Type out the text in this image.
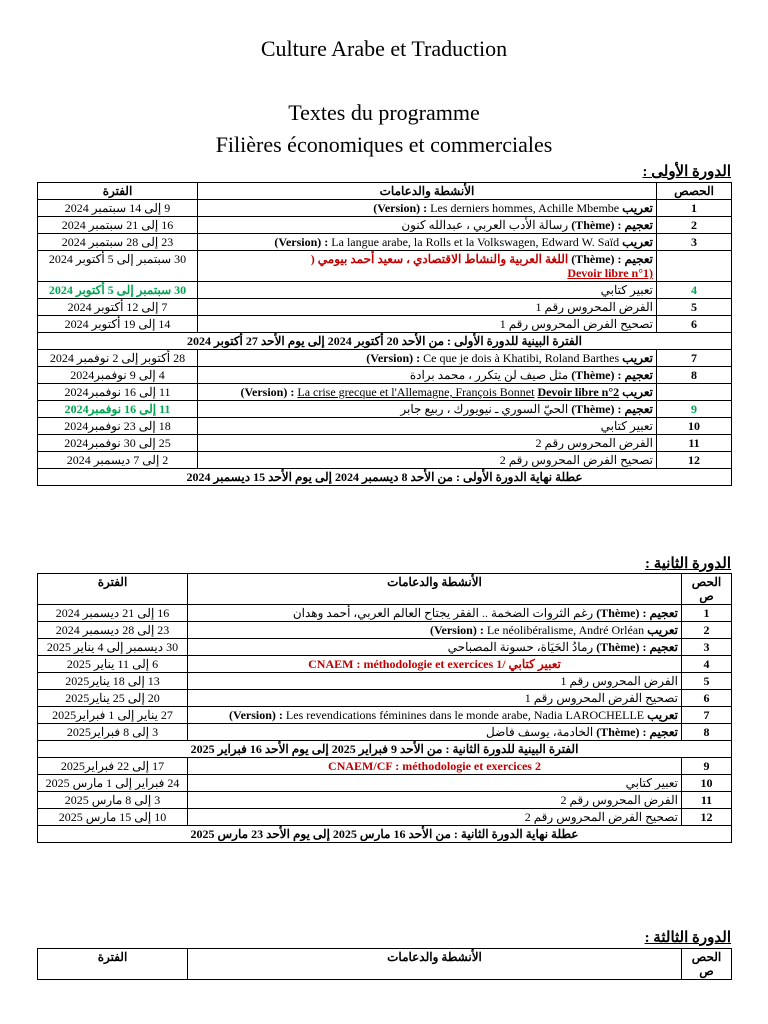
Culture Arabe et Traduction
Textes du programme
Filières économiques et commerciales
الدورة الأولى :
الفترة	الأنشطة والدعامات	الحصص
9 إلى 14 سبتمبر 2024	تعريب (Version) : Les derniers hommes, Achille Mbembe	1
16 إلى 21 سبتمبر 2024	تعجيم (Thème) : رسالة الأدب العربي ، عبدالله كنون	2
23 إلى 28 سبتمبر 2024	تعريب (Version) : La langue arabe, la Rolls et la Volkswagen, Edward W. Saïd	3
30 سبتمبر إلى 5 أكتوبر 2024	تعجيم (Thème) : اللغة العربية والنشاط الاقتصادي ، سعيد أحمد بيومي (
Devoir libre n°1)	
30 سبتمبر إلى 5 أكتوبر 2024	تعبير كتابي	4
7 إلى 12 أكتوبر 2024	الفرض المحروس رقم 1	5
14 إلى 19 أكتوبر 2024	تصحيح الفرض المحروس رقم 1	6
الفترة البينية للدورة الأولى : من الأحد 20 أكتوبر 2024 إلى يوم الأحد 27 أكتوبر 2024		
28 أكتوبر إلى 2 نوفمبر 2024	تعريب (Version) : Ce que je dois à Khatibi, Roland Barthes	7
4 إلى 9 نوفمبر2024	تعجيم (Thème) : مثل صيف لن يتكرر ، محمد برادة	8
11 إلى 16 نوفمبر2024	تعريب (Version) : La crise grecque et l'Allemagne, François Bonnet Devoir libre n°2	
11 إلى 16 نوفمبر2024	تعجيم (Thème) : الحيّ السوري ـ نيويورك ، ربيع جابر	9
18 إلى 23 نوفمبر2024	تعبير كتابي	10
25 إلى 30 نوفمبر2024	الفرض المحروس رقم 2	11
2 إلى 7 ديسمبر 2024	تصحيح الفرض المحروس رقم 2	12
عطلة نهاية الدورة الأولى : من الأحد 8 ديسمبر 2024 إلى يوم الأحد 15 ديسمبر 2024		
الدورة الثانية :
الفترة	الأنشطة والدعامات	الحص ص
16 إلى 21 ديسمبر 2024	تعجيم (Thème) : رغم الثروات الضخمة .. الفقر يجتاح العالم العربي، أحمد وهدان	1
23 إلى 28 ديسمبر 2024	تعريب (Version) : Le néolibéralisme, André Orléan	2
30 ديسمبر إلى 4 يناير 2025	تعجيم (Thème) : رمادُ الحَيَاة، حسونة المصباحي	3
6 إلى 11 يناير 2025	تعبير كتابي /1 CNAEM : méthodologie et exercices	4
13 إلى 18 يناير2025	الفرض المحروس رقم 1	5
20 إلى 25 يناير2025	تصحيح الفرض المحروس رقم 1	6
27 يناير إلى 1 فبراير2025	تعريب (Version) : Les revendications féminines dans le monde arabe, Nadia LAROCHELLE	7
3 إلى 8 فبراير2025	تعجيم (Thème) : الخادمة، يوسف فاضل	8
الفترة البينية للدورة الثانية : من الأحد 9 فبراير 2025 إلى يوم الأحد 16 فبراير 2025		
17 إلى 22 فبراير2025	CNAEM/CF : méthodologie et exercices 2	9
24 فبراير إلى 1 مارس 2025	تعبير كتابي	10
3 إلى 8 مارس 2025	الفرض المحروس رقم 2	11
10 إلى 15 مارس 2025	تصحيح الفرض المحروس رقم 2	12
عطلة نهاية الدورة الثانية : من الأحد 16 مارس 2025 إلى يوم الأحد 23 مارس 2025		
الدورة الثالثة :
الفترة	الأنشطة والدعامات	الحص ص
